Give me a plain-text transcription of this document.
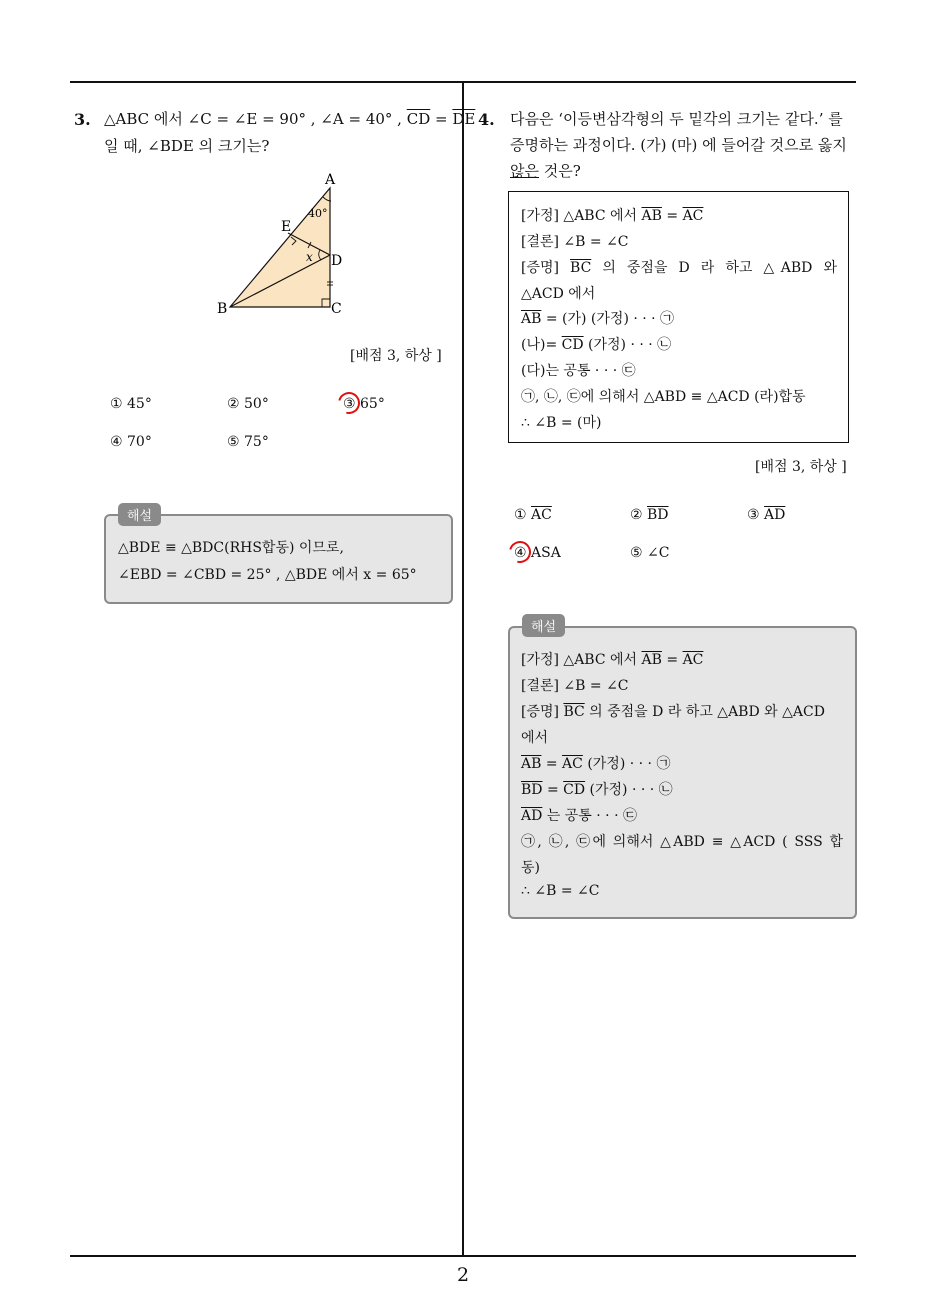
2
3. △ABC 에서 ∠C = ∠E = 90° , ∠A = 40° , $\overline{CD} = \overline{DE}$
일 때, ∠BDE 의 크기는?
A
B	C
D
E
40°
x
[배점 3, 하상 ]
① 45°	② 50°	③ 65°
④ 70°	⑤ 75°
해설
△BDE ≡ △BDC(RHS합동) 이므로,
∠EBD = ∠CBD = 25° , △BDE 에서 x = 65°
4. 다음은 ‘이등변삼각형의 두 밑각의 크기는 같다.’ 를
증명하는 과정이다. (가) (마) 에 들어갈 것으로 옳지
않은 것은?
[가정] △ABC 에서 $\overline{AB} = \overline{AC}$
[결론] ∠B = ∠C
[증명] $\overline{BC}$ 의 중점을 D 라 하고 △ABD 와
△ACD 에서
$\overline{AB}$ = (가) (가정) · · · ㉠
(나)= $\overline{CD}$ (가정) · · · ㉡
(다)는 공통 · · · ㉢
㉠, ㉡, ㉢에 의해서 △ABD ≡ △ACD (라)합동
∴ ∠B = (마)
[배점 3, 하상 ]
① $\overline{AC}$	② $\overline{BD}$	③ $\overline{AD}$
④ ASA	⑤ ∠C
해설
[가정] △ABC 에서 $\overline{AB} = \overline{AC}$
[결론] ∠B = ∠C
[증명] $\overline{BC}$ 의 중점을 D 라 하고 △ABD 와 △ACD
에서
$\overline{AB} = \overline{AC}$ (가정) · · · ㉠
$\overline{BD} = \overline{CD}$ (가정) · · · ㉡
$\overline{AD}$ 는 공통 · · · ㉢
㉠, ㉡, ㉢에 의해서 △ABD ≡ △ACD ( SSS 합
동)
∴ ∠B = ∠C
